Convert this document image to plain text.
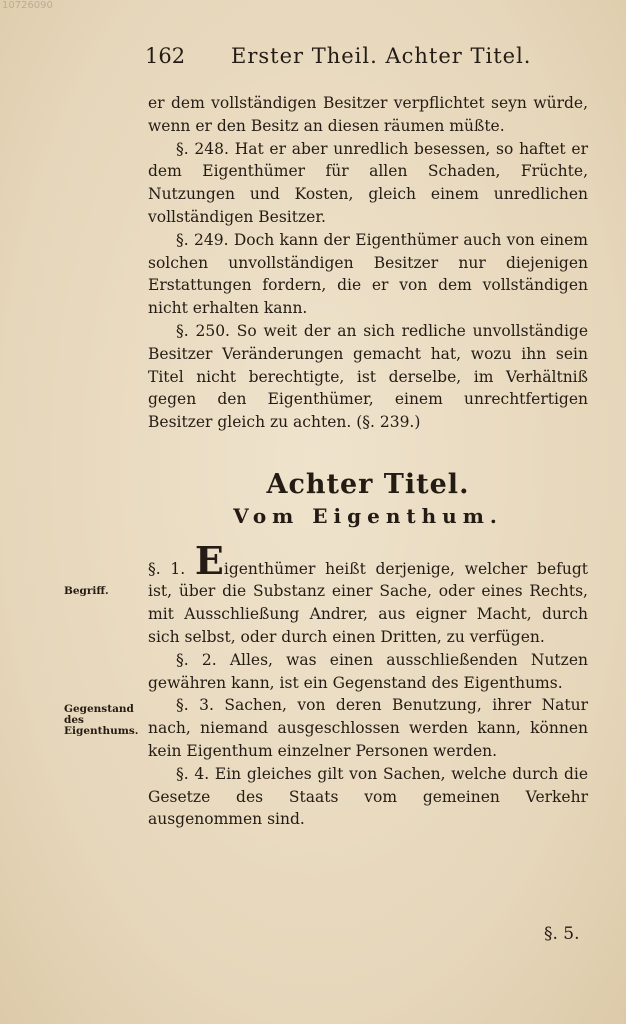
10726090
162 Erster Theil. Achter Titel.
Begriff.
Gegenstand des Eigenthums.

er dem vollständigen Besitzer verpflichtet seyn würde, wenn er den Besitz an diesen räumen müßte.

§. 248. Hat er aber unredlich besessen, so haftet er dem Eigenthümer für allen Schaden, Früchte, Nutzungen und Kosten, gleich einem unredlichen vollständigen Besitzer.

§. 249. Doch kann der Eigenthümer auch von einem solchen unvollständigen Besitzer nur diejenigen Erstattungen fordern, die er von dem vollständigen nicht erhalten kann.

§. 250. So weit der an sich redliche unvollständige Besitzer Veränderungen gemacht hat, wozu ihn sein Titel nicht berechtigte, ist derselbe, im Verhältniß gegen den Eigenthümer, einem unrechtfertigen Besitzer gleich zu achten. (§. 239.)

Achter Titel.
Vom Eigenthum.

§. 1. Eigenthümer heißt derjenige, welcher befugt ist, über die Substanz einer Sache, oder eines Rechts, mit Ausschließung Andrer, aus eigner Macht, durch sich selbst, oder durch einen Dritten, zu verfügen.

§. 2. Alles, was einen ausschließenden Nutzen gewähren kann, ist ein Gegenstand des Eigenthums.

§. 3. Sachen, von deren Benutzung, ihrer Natur nach, niemand ausgeschlossen werden kann, können kein Eigenthum einzelner Personen werden.

§. 4. Ein gleiches gilt von Sachen, welche durch die Gesetze des Staats vom gemeinen Verkehr ausgenommen sind.

§. 5.
